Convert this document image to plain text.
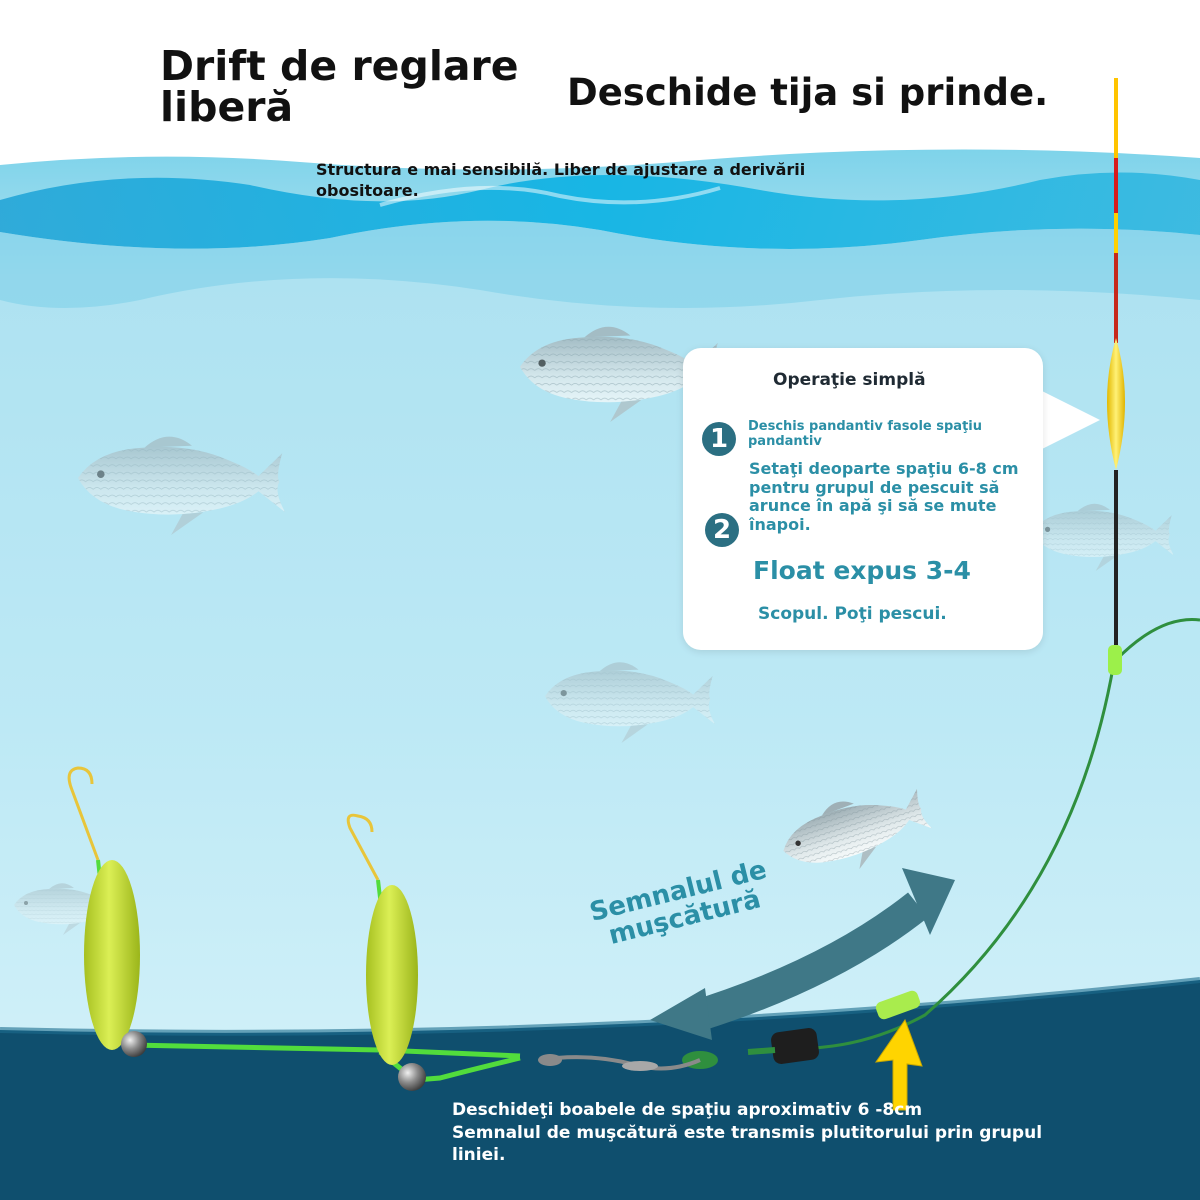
Drift de reglare liberă	Deschide tija si prinde.
Structura e mai sensibilă. Liber de ajustare a derivării obositoare.
Operaţie simplă
1	Deschis pandantiv fasole spaţiu pandantiv
2
Setaţi deoparte spaţiu 6-8 cm pentru grupul de pescuit să arunce în apă şi să se mute înapoi.
Float expus 3-4
Scopul. Poţi pescui.
Semnalul de muşcătură
Deschideţi boabele de spaţiu aproximativ 6 -8cm
Semnalul de muşcătură este transmis plutitorului prin grupul liniei.
